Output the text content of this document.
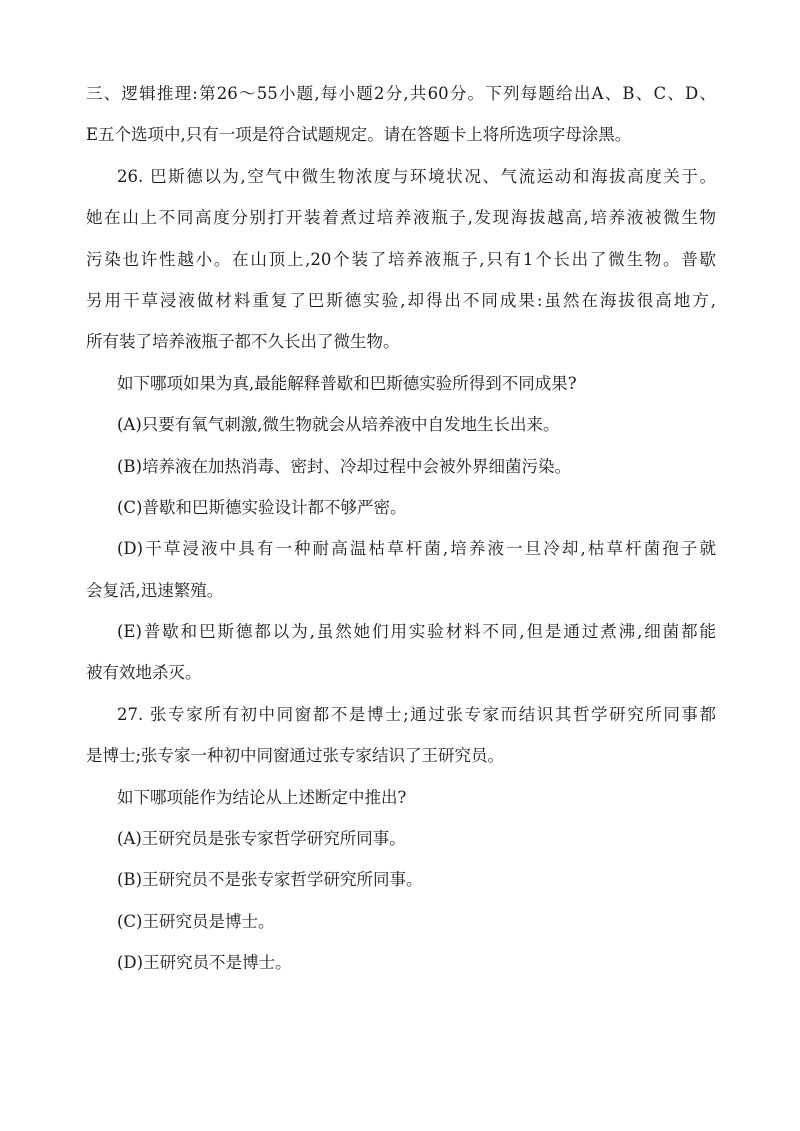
三、逻辑推理:第26～55小题,每小题2分,共60分。下列每题给出A、B、C、D、
E五个选项中,只有一项是符合试题规定。请在答题卡上将所选项字母涂黑。
26. 巴斯德以为,空气中微生物浓度与环境状况、气流运动和海拔高度关于。
她在山上不同高度分别打开装着煮过培养液瓶子,发现海拔越高,培养液被微生物
污染也许性越小。在山顶上,20个装了培养液瓶子,只有1个长出了微生物。普歇
另用干草浸液做材料重复了巴斯德实验,却得出不同成果:虽然在海拔很高地方,
所有装了培养液瓶子都不久长出了微生物。
如下哪项如果为真,最能解释普歇和巴斯德实验所得到不同成果?
(A)只要有氧气刺激,微生物就会从培养液中自发地生长出来。
(B)培养液在加热消毒、密封、冷却过程中会被外界细菌污染。
(C)普歇和巴斯德实验设计都不够严密。
(D)干草浸液中具有一种耐高温枯草杆菌,培养液一旦冷却,枯草杆菌孢子就
会复活,迅速繁殖。
(E)普歇和巴斯德都以为,虽然她们用实验材料不同,但是通过煮沸,细菌都能
被有效地杀灭。
27. 张专家所有初中同窗都不是博士;通过张专家而结识其哲学研究所同事都
是博士;张专家一种初中同窗通过张专家结识了王研究员。
如下哪项能作为结论从上述断定中推出?
(A)王研究员是张专家哲学研究所同事。
(B)王研究员不是张专家哲学研究所同事。
(C)王研究员是博士。
(D)王研究员不是博士。
